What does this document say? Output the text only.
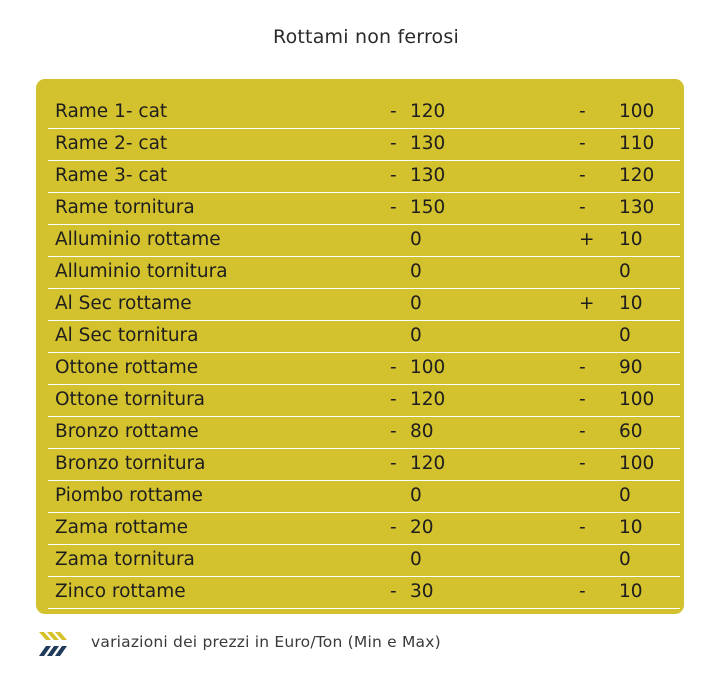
Rottami non ferrosi
Rame 1- cat	- 120	- 100
Rame 2- cat	- 130	- 110
Rame 3- cat	- 130	- 120
Rame tornitura	- 150	- 130
Alluminio rottame	0	+ 10
Alluminio tornitura	0	0
Al Sec rottame	0	+ 10
Al Sec tornitura	0	0
Ottone rottame	- 100	- 90
Ottone tornitura	- 120	- 100
Bronzo rottame	- 80	- 60
Bronzo tornitura	- 120	- 100
Piombo rottame	0	0
Zama rottame	- 20	- 10
Zama tornitura	0	0
Zinco rottame	- 30	- 10
variazioni dei prezzi in Euro/Ton (Min e Max)
